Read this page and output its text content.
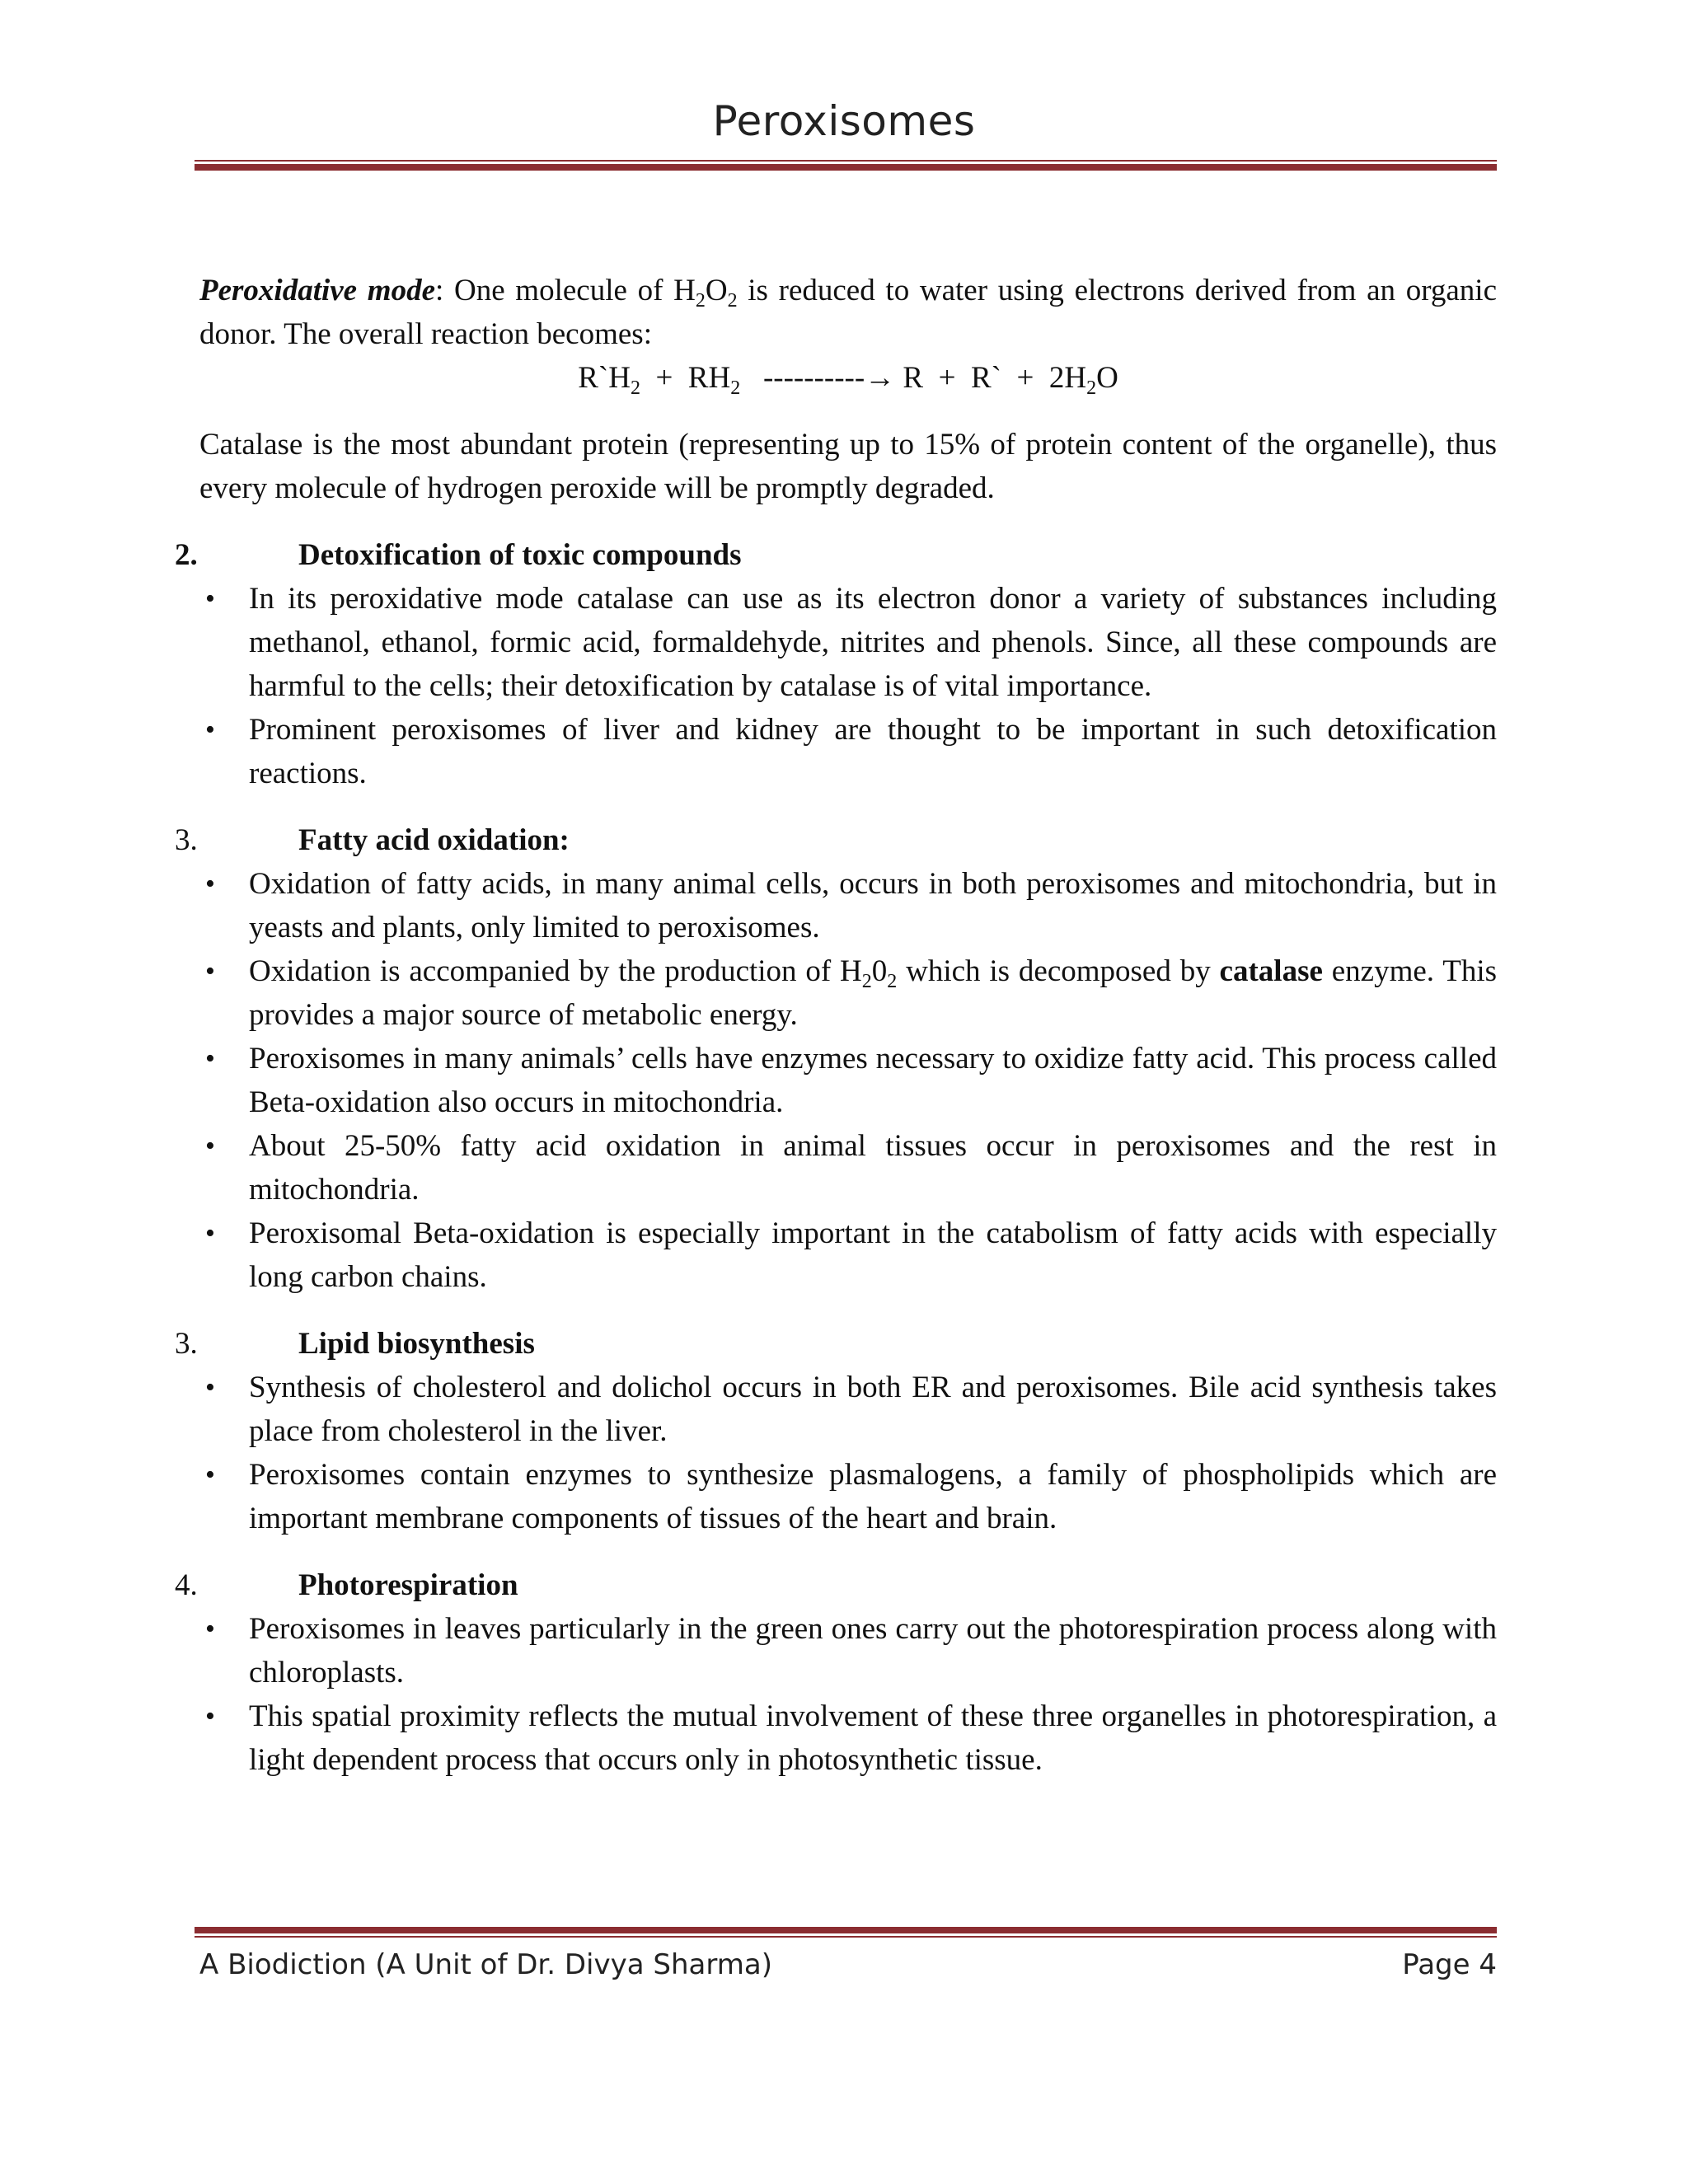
Peroxisomes

Peroxidative mode: One molecule of $H_2O_2$ is reduced to water using electrons derived from an organic donor. The overall reaction becomes:

$R`H_2 + RH_2$   ----------→ R  +  R`  +  $2H_2O$

Catalase is the most abundant protein (representing up to 15% of protein content of the organelle), thus every molecule of hydrogen peroxide will be promptly degraded.

2.	Detoxification of toxic compounds
• In its peroxidative mode catalase can use as its electron donor a variety of substances including methanol, ethanol, formic acid, formaldehyde, nitrites and phenols. Since, all these compounds are harmful to the cells; their detoxification by catalase is of vital importance.
• Prominent peroxisomes of liver and kidney are thought to be important in such detoxification reactions.
3.	Fatty acid oxidation:
• Oxidation of fatty acids, in many animal cells, occurs in both peroxisomes and mitochondria, but in yeasts and plants, only limited to peroxisomes.
• Oxidation is accompanied by the production of $H_20_2$ which is decomposed by catalase enzyme. This provides a major source of metabolic energy.
• Peroxisomes in many animals’ cells have enzymes necessary to oxidize fatty acid. This process called Beta-oxidation also occurs in mitochondria.
• About 25-50% fatty acid oxidation in animal tissues occur in peroxisomes and the rest in mitochondria.
• Peroxisomal Beta-oxidation is especially important in the catabolism of fatty acids with especially long carbon chains.
3.	Lipid biosynthesis
• Synthesis of cholesterol and dolichol occurs in both ER and peroxisomes. Bile acid synthesis takes place from cholesterol in the liver.
• Peroxisomes contain enzymes to synthesize plasmalogens, a family of phospholipids which are important membrane components of tissues of the heart and brain.
4.	Photorespiration
• Peroxisomes in leaves particularly in the green ones carry out the photorespiration process along with chloroplasts.
• This spatial proximity reflects the mutual involvement of these three organelles in photorespiration, a light dependent process that occurs only in photosynthetic tissue.
A Biodiction (A Unit of Dr. Divya Sharma)	Page 4
